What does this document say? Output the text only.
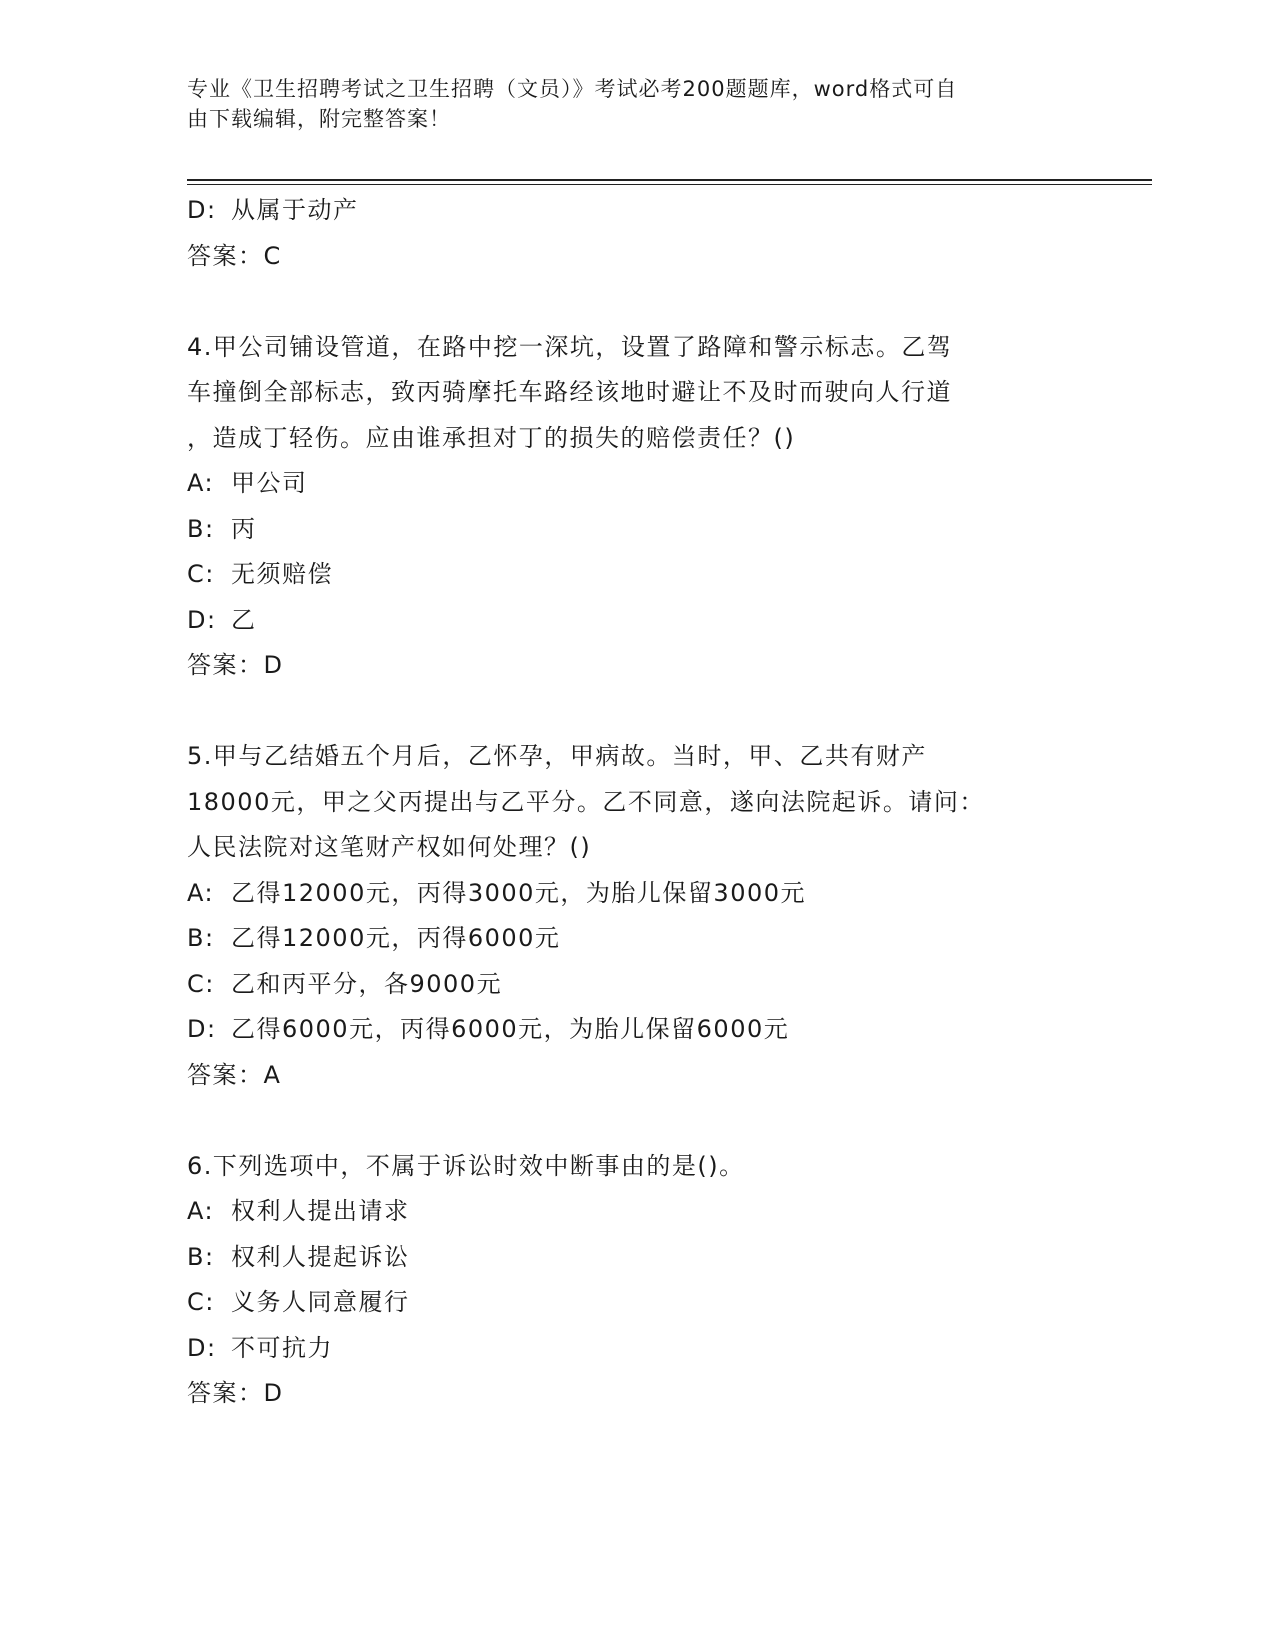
专业《卫生招聘考试之卫生招聘（文员）》考试必考200题题库，word格式可自
由下载编辑，附完整答案！
D: 从属于动产
答案：C
4.甲公司铺设管道，在路中挖一深坑，设置了路障和警示标志。乙驾
车撞倒全部标志，致丙骑摩托车路经该地时避让不及时而驶向人行道
，造成丁轻伤。应由谁承担对丁的损失的赔偿责任？()
A: 甲公司
B: 丙
C: 无须赔偿
D: 乙
答案：D
5.甲与乙结婚五个月后，乙怀孕，甲病故。当时，甲、乙共有财产
18000元，甲之父丙提出与乙平分。乙不同意，遂向法院起诉。请问：
人民法院对这笔财产权如何处理？()
A: 乙得12000元，丙得3000元，为胎儿保留3000元
B: 乙得12000元，丙得6000元
C: 乙和丙平分，各9000元
D: 乙得6000元，丙得6000元，为胎儿保留6000元
答案：A
6.下列选项中，不属于诉讼时效中断事由的是()。
A: 权利人提出请求
B: 权利人提起诉讼
C: 义务人同意履行
D: 不可抗力
答案：D
